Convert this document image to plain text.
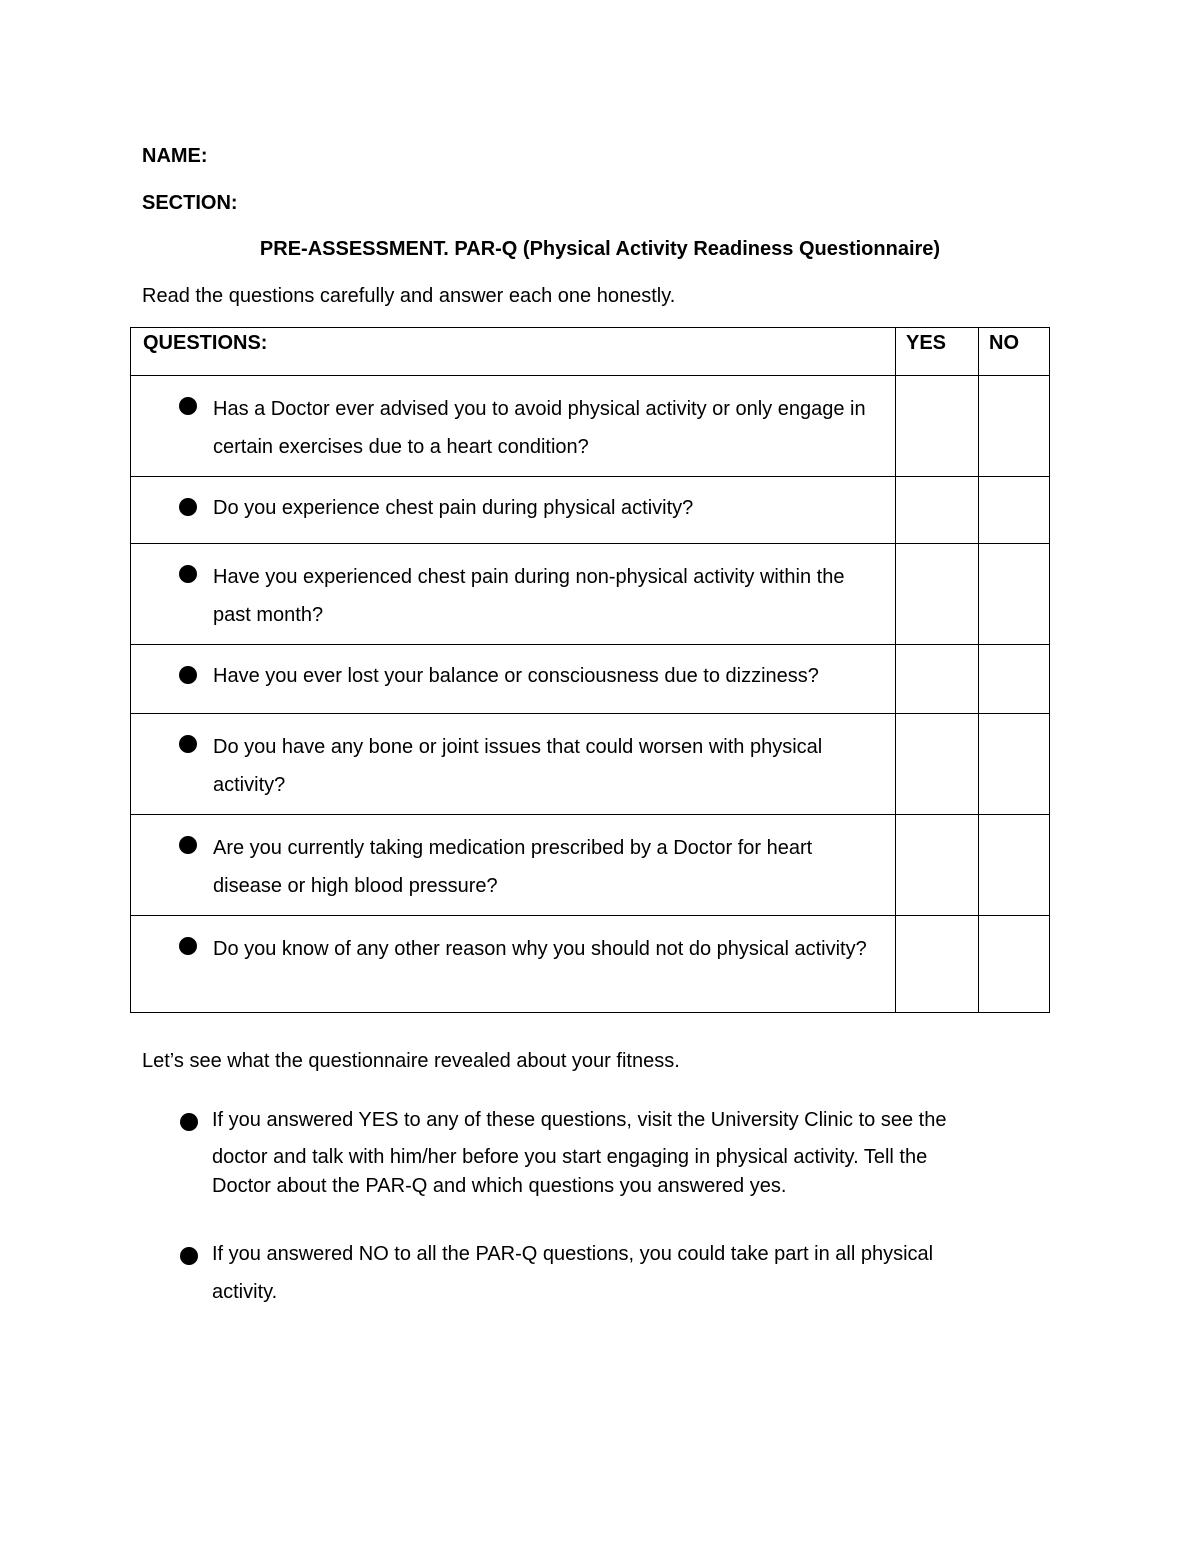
NAME:
SECTION:
PRE-ASSESSMENT. PAR-Q (Physical Activity Readiness Questionnaire)
Read the questions carefully and answer each one honestly.
QUESTIONS:	YES	NO

Has a Doctor ever advised you to avoid physical activity or only engage in certain exercises due to a heart condition?		

Do you experience chest pain during physical activity?		

Have you experienced chest pain during non-physical activity within the past month?		

Have you ever lost your balance or consciousness due to dizziness?		

Do you have any bone or joint issues that could worsen with physical activity?		

Are you currently taking medication prescribed by a Doctor for heart disease or high blood pressure?		

Do you know of any other reason why you should not do physical activity?		

Let’s see what the questionnaire revealed about your fitness.
If you answered YES to any of these questions, visit the University Clinic to see the
doctor and talk with him/her before you start engaging in physical activity. Tell the
Doctor about the PAR-Q and which questions you answered yes.
If you answered NO to all the PAR-Q questions, you could take part in all physical
activity.
